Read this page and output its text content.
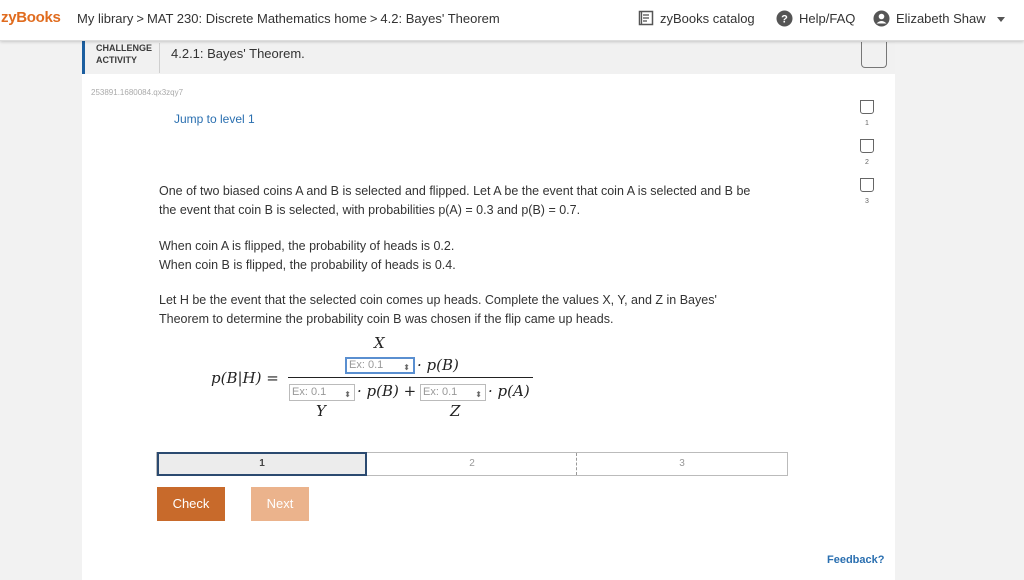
zyBooks My library > MAT 230: Discrete Mathematics home > 4.2: Bayes' Theorem	zyBooks catalog ? Help/FAQ	Elizabeth Shaw
CHALLENGE
ACTIVITY	4.2.1: Bayes' Theorem.
253891.1680084.qx3zqy7
Jump to level 1	1
2
3
One of two biased coins A and B is selected and flipped. Let A be the event that coin A is selected and B be
the event that coin B is selected, with probabilities p(A) = 0.3 and p(B) = 0.7.
When coin A is flipped, the probability of heads is 0.2.
When coin B is flipped, the probability of heads is 0.4.
Let H be the event that the selected coin comes up heads. Complete the values X, Y, and Z in Bayes'
Theorem to determine the probability coin B was chosen if the flip came up heads.
p(B|H) =
X
Ex: 0.1	⬍ · p(B)
Ex: 0.1 ⬍ · p(B) + Ex: 0.1 ⬍ · p(A)
Y	Z
1	2	3
Check	Next
Feedback?
